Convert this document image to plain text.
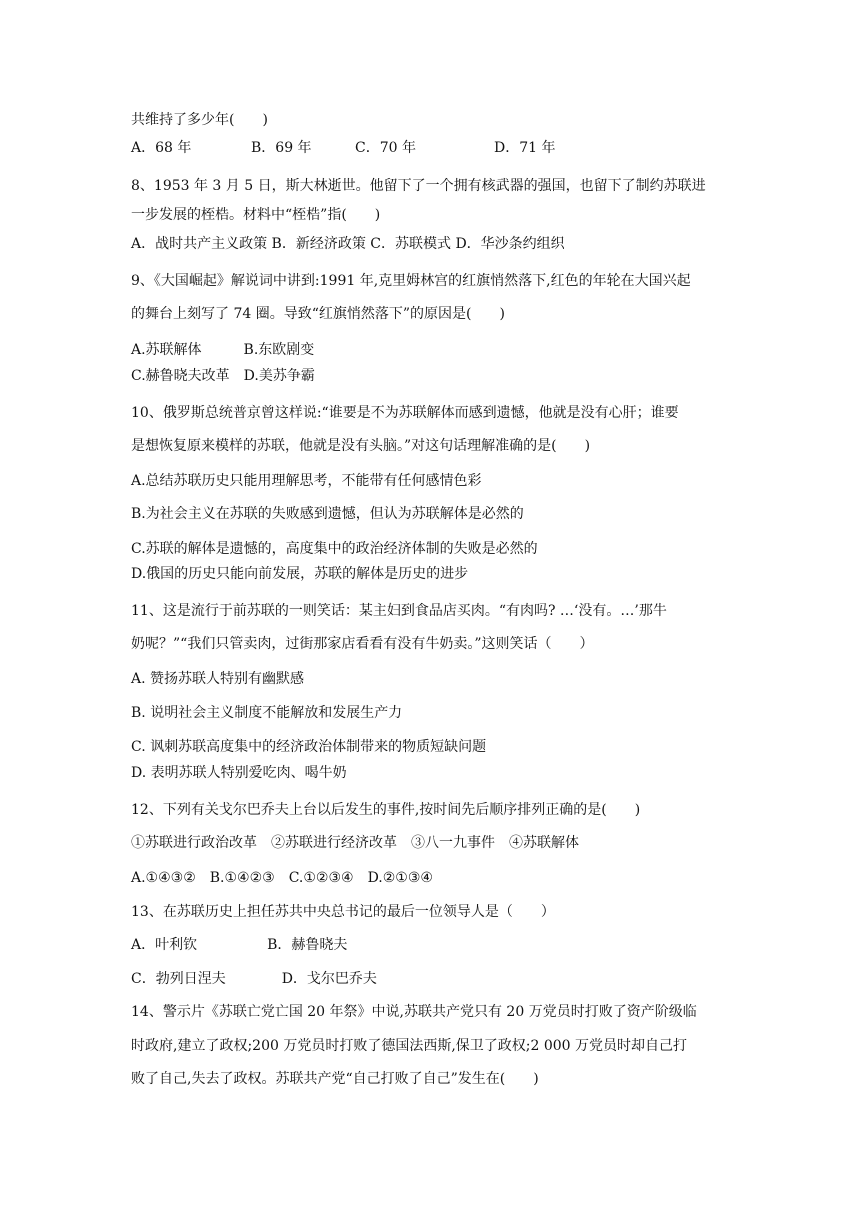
共维持了多少年(　　)
A．68 年	B．69 年	C．70 年	D．71 年
8、1953 年 3 月 5 日，斯大林逝世。他留下了一个拥有核武器的强国，也留下了制约苏联进
一步发展的桎梏。材料中“桎梏”指(　　)
A．战时共产主义政策 B．新经济政策 C．苏联模式 D．华沙条约组织
9、《大国崛起》解说词中讲到:1991 年,克里姆林宫的红旗悄然落下,红色的年轮在大国兴起
的舞台上刻写了 74 圈。导致“红旗悄然落下”的原因是(　　)
A.苏联解体　　　B.东欧剧变
C.赫鲁晓夫改革　D.美苏争霸
10、俄罗斯总统普京曾这样说:“谁要是不为苏联解体而感到遗憾，他就是没有心肝；谁要
是想恢复原来模样的苏联，他就是没有头脑。”对这句话理解准确的是(　　)
A.总结苏联历史只能用理解思考，不能带有任何感情色彩
B.为社会主义在苏联的失败感到遗憾，但认为苏联解体是必然的
C.苏联的解体是遗憾的，高度集中的政治经济体制的失败是必然的
D.俄国的历史只能向前发展，苏联的解体是历史的进步
11、这是流行于前苏联的一则笑话：某主妇到食品店买肉。“有肉吗? …‘没有。…’那牛
奶呢？”“我们只管卖肉，过街那家店看看有没有牛奶卖。”这则笑话（　　）
A. 赞扬苏联人特别有幽默感
B. 说明社会主义制度不能解放和发展生产力
C. 讽刺苏联高度集中的经济政治体制带来的物质短缺问题
D. 表明苏联人特别爱吃肉、喝牛奶
12、下列有关戈尔巴乔夫上台以后发生的事件,按时间先后顺序排列正确的是(　　)
①苏联进行政治改革　②苏联进行经济改革　③八一九事件　④苏联解体
A.①④③②　B.①④②③　C.①②③④　D.②①③④
13、在苏联历史上担任苏共中央总书记的最后一位领导人是（　　）
A．叶利钦　　　　　B．赫鲁晓夫
C．勃列日涅夫　　　　D．戈尔巴乔夫
14、警示片《苏联亡党亡国 20 年祭》中说,苏联共产党只有 20 万党员时打败了资产阶级临
时政府,建立了政权;200 万党员时打败了德国法西斯,保卫了政权;2 000 万党员时却自己打
败了自己,失去了政权。苏联共产党“自己打败了自己”发生在(　　)
